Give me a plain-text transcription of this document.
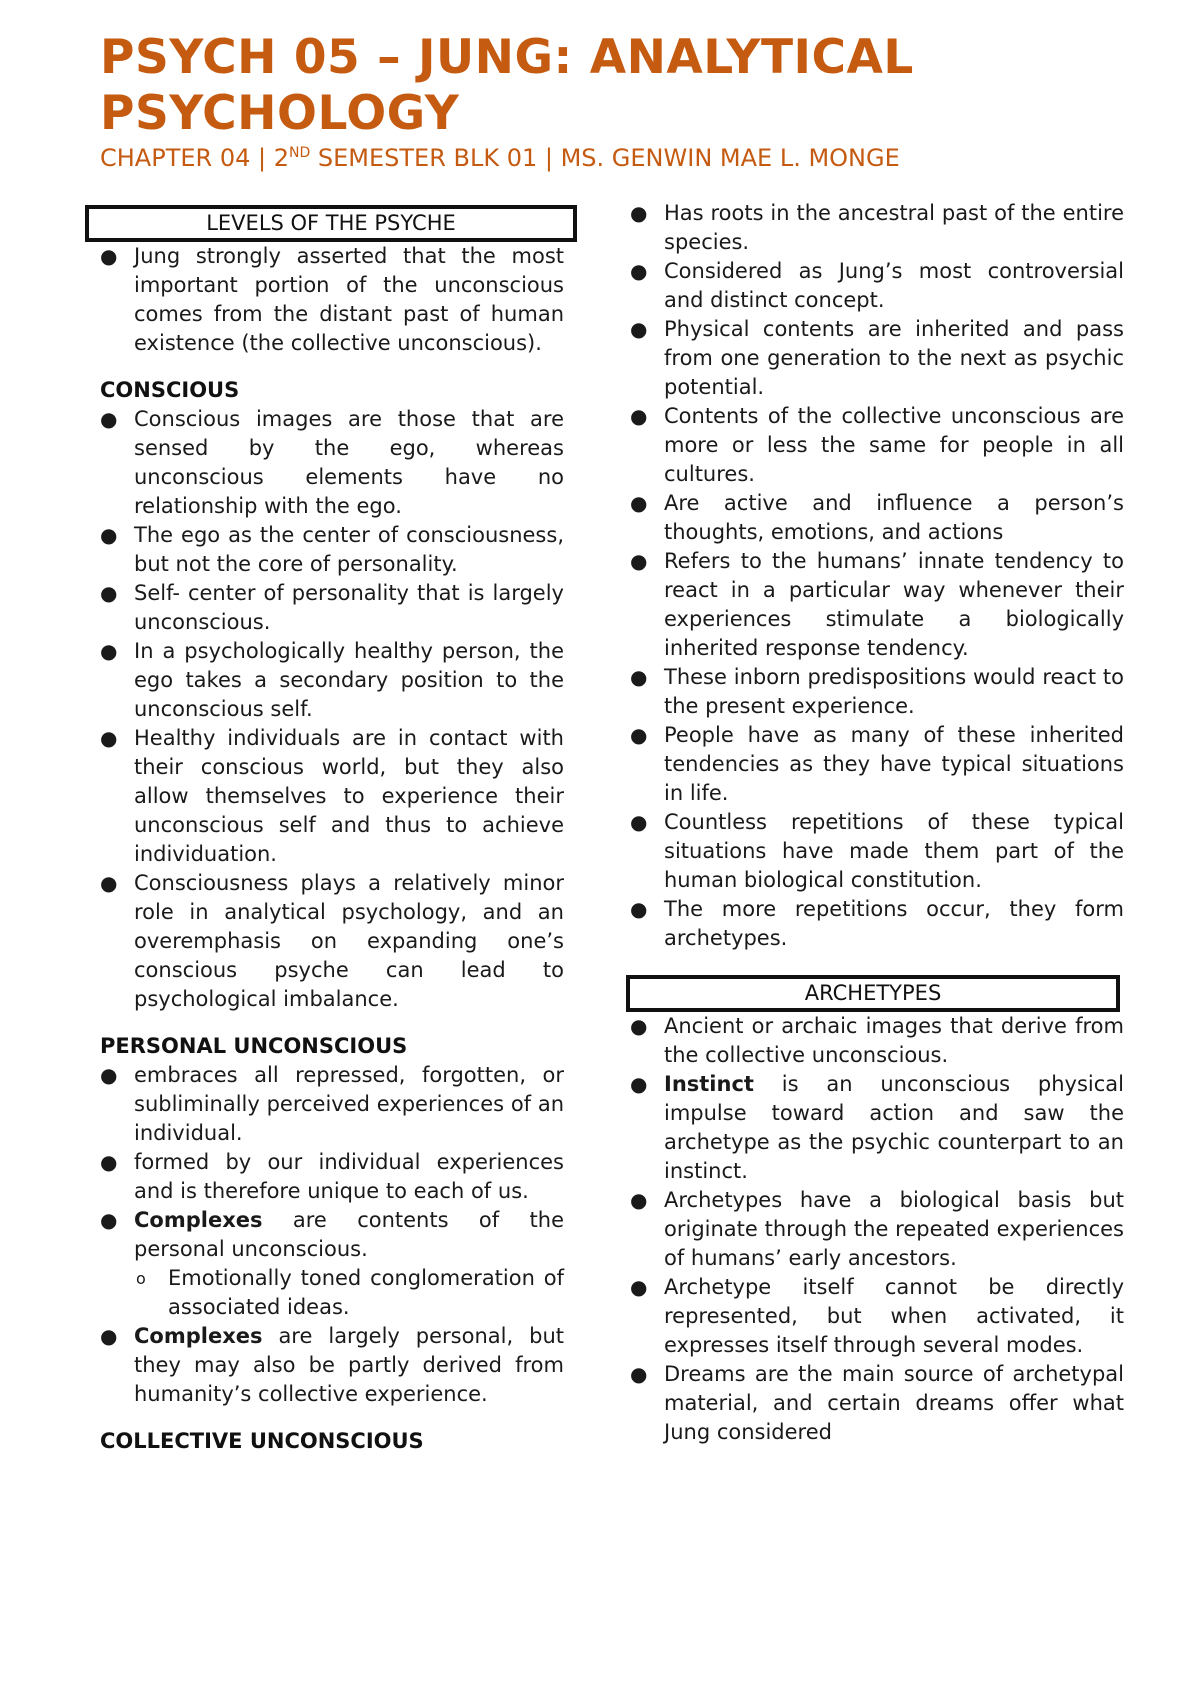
PSYCH 05 – JUNG: ANALYTICAL PSYCHOLOGY
CHAPTER 04 | 2ND SEMESTER BLK 01 | MS. GENWIN MAE L. MONGE
LEVELS OF THE PSYCHE
● Jung strongly asserted that the most important portion of the unconscious comes from the distant past of human existence (the collective unconscious).
CONSCIOUS
● Conscious images are those that are sensed by the ego, whereas unconscious elements have no relationship with the ego.
● The ego as the center of consciousness, but not the core of personality.
● Self- center of personality that is largely unconscious.
● In a psychologically healthy person, the ego takes a secondary position to the unconscious self.
● Healthy individuals are in contact with their conscious world, but they also allow themselves to experience their unconscious self and thus to achieve individuation.
● Consciousness plays a relatively minor role in analytical psychology, and an overemphasis on expanding one’s conscious psyche can lead to psychological imbalance.
PERSONAL UNCONSCIOUS
● embraces all repressed, forgotten, or subliminally perceived experiences of an individual.
● formed by our individual experiences and is therefore unique to each of us.
● Complexes are contents of the personal unconscious.
o	Emotionally toned conglomeration of associated ideas.
● Complexes are largely personal, but they may also be partly derived from humanity’s collective experience.
COLLECTIVE UNCONSCIOUS
● Has roots in the ancestral past of the entire species.
● Considered as Jung’s most controversial and distinct concept.
● Physical contents are inherited and pass from one generation to the next as psychic potential.
● Contents of the collective unconscious are more or less the same for people in all cultures.
● Are active and influence a person’s thoughts, emotions, and actions
● Refers to the humans’ innate tendency to react in a particular way whenever their experiences stimulate a biologically inherited response tendency.
● These inborn predispositions would react to the present experience.
● People have as many of these inherited tendencies as they have typical situations in life.
● Countless repetitions of these typical situations have made them part of the human biological constitution.
● The more repetitions occur, they form archetypes.
ARCHETYPES
● Ancient or archaic images that derive from the collective unconscious.
● Instinct is an unconscious physical impulse toward action and saw the archetype as the psychic counterpart to an instinct.
● Archetypes have a biological basis but originate through the repeated experiences of humans’ early ancestors.
● Archetype itself cannot be directly represented, but when activated, it expresses itself through several modes.
● Dreams are the main source of archetypal material, and certain dreams offer what Jung considered
